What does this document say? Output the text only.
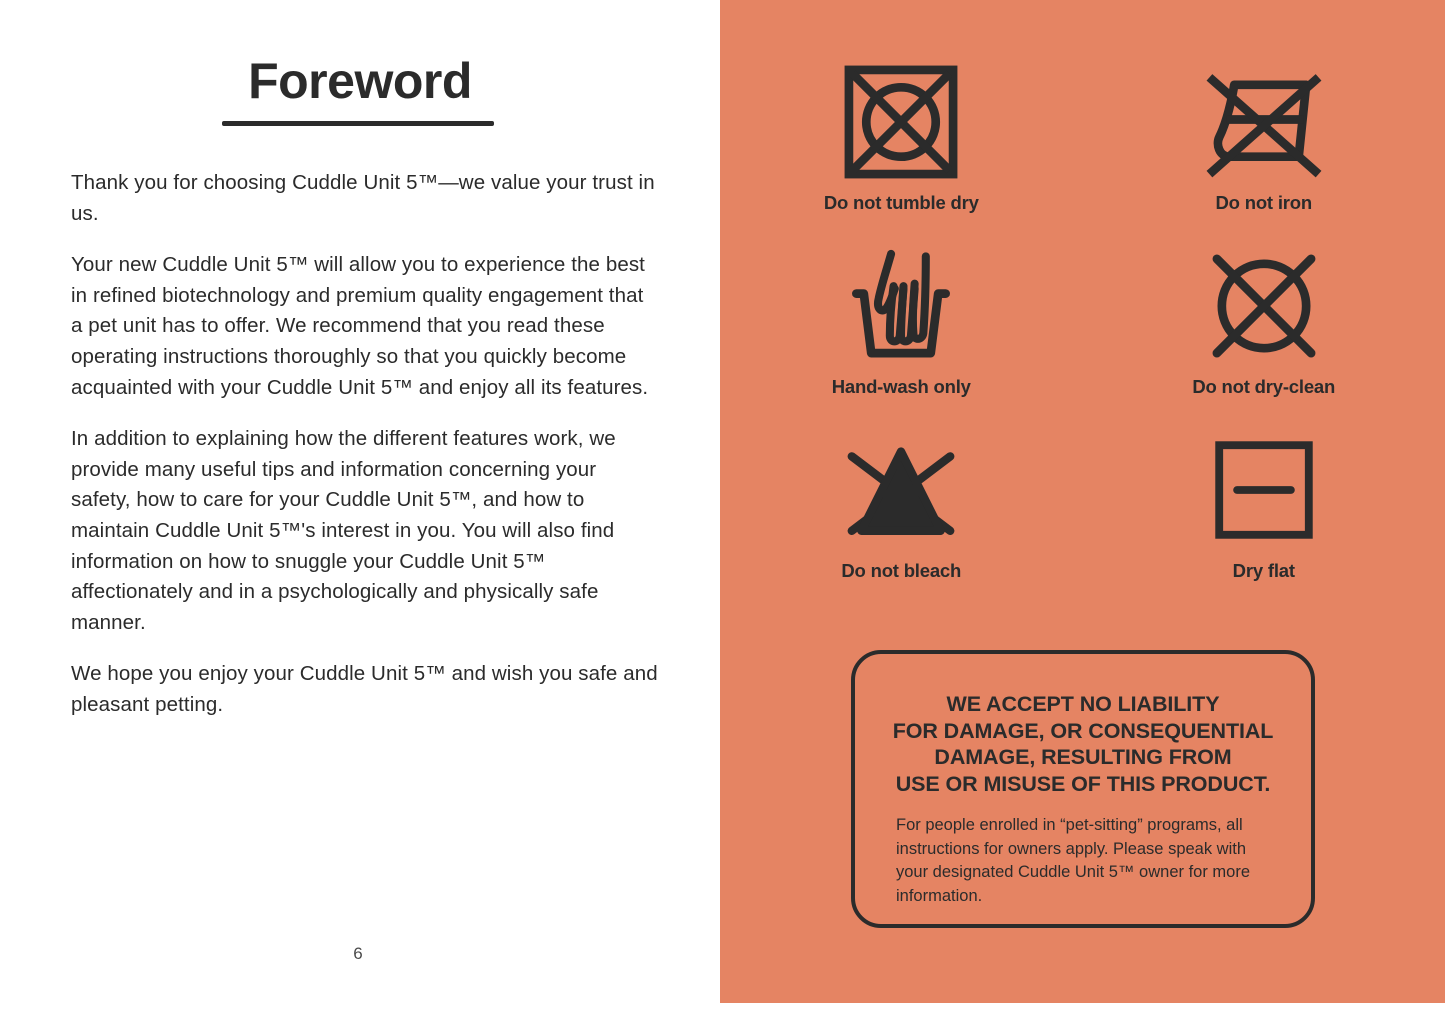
Foreword

Thank you for choosing Cuddle Unit 5™—we value your trust in us.

Your new Cuddle Unit 5™ will allow you to experience the best in refined biotechnology and premium quality engagement that a pet unit has to offer. We recommend that you read these operating instructions thoroughly so that you quickly become acquainted with your Cuddle Unit 5™ and enjoy all its features.

In addition to explaining how the different features work, we provide many useful tips and information concerning your safety, how to care for your Cuddle Unit 5™, and how to maintain Cuddle Unit 5™'s interest in you. You will also find information on how to snuggle your Cuddle Unit 5™ affectionately and in a psychologically and physically safe manner.

We hope you enjoy your Cuddle Unit 5™ and wish you safe and pleasant petting.

6
Do not tumble dry	Do not iron
Hand-wash only	Do not dry-clean
Do not bleach	Dry flat
WE ACCEPT NO LIABILITY
FOR DAMAGE, OR CONSEQUENTIAL
DAMAGE, RESULTING FROM
USE OR MISUSE OF THIS PRODUCT.
For people enrolled in “pet-sitting” programs, all instructions for owners apply. Please speak with your designated Cuddle Unit 5™ owner for more information.
